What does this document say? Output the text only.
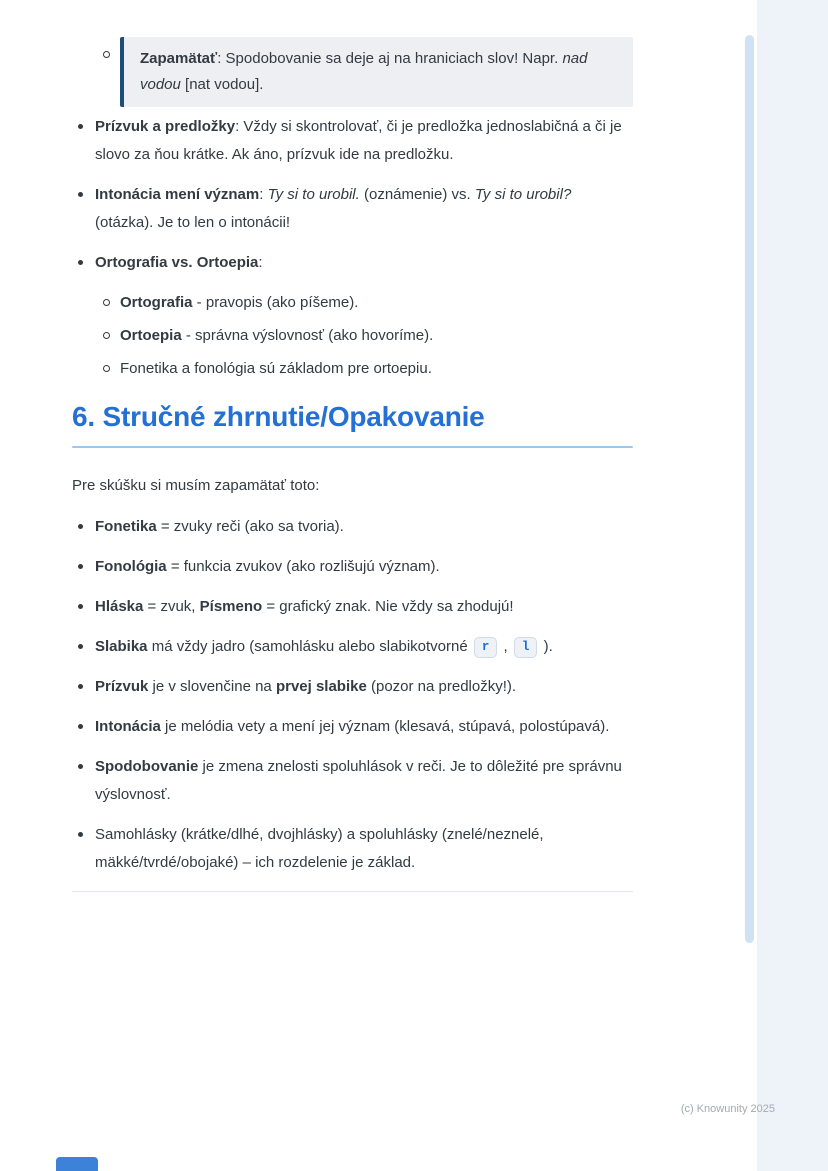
Zapamätať: Spodobovanie sa deje aj na hraniciach slov! Napr. nad vodou [nat vodou].

Prízvuk a predložky: Vždy si skontrolovať, či je predložka jednoslabičná a či je slovo za ňou krátke. Ak áno, prízvuk ide na predložku.
Intonácia mení význam: Ty si to urobil. (oznámenie) vs. Ty si to urobil? (otázka). Je to len o intonácii!
Ortografia vs. Ortoepia:
Ortografia - pravopis (ako píšeme).
Ortoepia - správna výslovnosť (ako hovoríme).
Fonetika a fonológia sú základom pre ortoepiu.
6. Stručné zhrnutie/Opakovanie

Pre skúšku si musím zapamätať toto:

Fonetika = zvuky reči (ako sa tvoria).
Fonológia = funkcia zvukov (ako rozlišujú význam).
Hláska = zvuk, Písmeno = grafický znak. Nie vždy sa zhodujú!
Slabika má vždy jadro (samohlásku alebo slabikotvorné r , l ).
Prízvuk je v slovenčine na prvej slabike (pozor na predložky!).
Intonácia je melódia vety a mení jej význam (klesavá, stúpavá, polostúpavá).
Spodobovanie je zmena znelosti spoluhlások v reči. Je to dôležité pre správnu výslovnosť.
Samohlásky (krátke/dlhé, dvojhlásky) a spoluhlásky (znelé/neznelé, mäkké/tvrdé/obojaké) – ich rozdelenie je základ.
(c) Knowunity 2025
